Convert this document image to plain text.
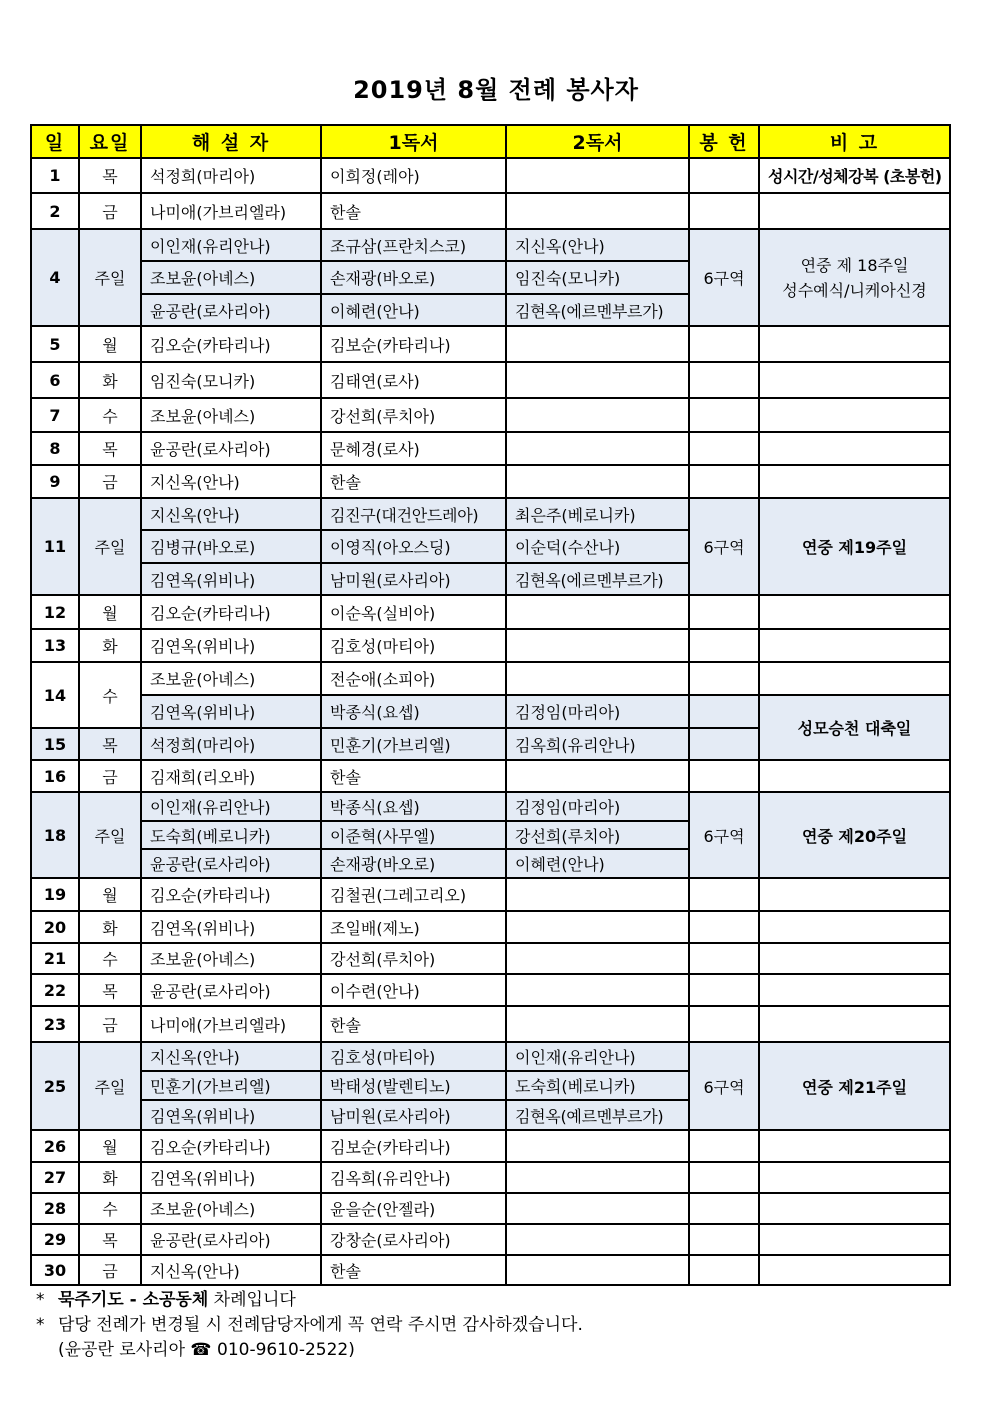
2019년 8월 전례 봉사자
일	요일	해 설 자	1독서	2독서	봉 헌	비 고
1	목	석정희(마리아)	이희정(레아)			성시간/성체강복 (초봉헌)
2	금	나미애(가브리엘라)	한솔			
4	주일	이인재(유리안나)	조규삼(프란치스코)	지신옥(안나)	6구역	연중 제 18주일
성수예식/니케아신경

		조보윤(아녜스)	손재광(바오로)	임진숙(모니카)		
		윤공란(로사리아)	이혜련(안나)	김현옥(에르멘부르가)		
5	월	김오순(카타리나)	김보순(카타리나)			
6	화	임진숙(모니카)	김태연(로사)			
7	수	조보윤(아녜스)	강선희(루치아)			
8	목	윤공란(로사리아)	문혜경(로사)			
9	금	지신옥(안나)	한솔			
11	주일	지신옥(안나)	김진구(대건안드레아)	최은주(베로니카)	6구역	연중 제19주일
		김병규(바오로)	이영직(아오스딩)	이순덕(수산나)		
		김연옥(위비나)	남미원(로사리아)	김현옥(에르멘부르가)		
12	월	김오순(카타리나)	이순옥(실비아)			
13	화	김연옥(위비나)	김호성(마티아)			
14	수	조보윤(아녜스)	전순애(소피아)			
		김연옥(위비나)	박종식(요셉)	김정임(마리아)		성모승천 대축일
15	목	석정희(마리아)	민훈기(가브리엘)	김옥희(유리안나)		
16	금	김재희(리오바)	한솔			
18	주일	이인재(유리안나)	박종식(요셉)	김정임(마리아)	6구역	연중 제20주일
		도숙희(베로니카)	이준혁(사무엘)	강선희(루치아)		
		윤공란(로사리아)	손재광(바오로)	이혜련(안나)		
19	월	김오순(카타리나)	김철권(그레고리오)			
20	화	김연옥(위비나)	조일배(제노)			
21	수	조보윤(아녜스)	강선희(루치아)			
22	목	윤공란(로사리아)	이수련(안나)			
23	금	나미애(가브리엘라)	한솔			
25	주일	지신옥(안나)	김호성(마티아)	이인재(유리안나)	6구역	연중 제21주일
		민훈기(가브리엘)	박태성(발렌티노)	도숙희(베로니카)		
		김연옥(위비나)	남미원(로사리아)	김현옥(예르멘부르가)		
26	월	김오순(카타리나)	김보순(카타리나)			
27	화	김연옥(위비나)	김옥희(유리안나)			
28	수	조보윤(아녜스)	윤을순(안젤라)			
29	목	윤공란(로사리아)	강창순(로사리아)			
30	금	지신옥(안나)	한솔			
* 묵주기도 - 소공동체 차례입니다
* 담당 전례가 변경될 시 전례담당자에게 꼭 연락 주시면 감사하겠습니다.
(윤공란 로사리아 ☎ 010-9610-2522)
